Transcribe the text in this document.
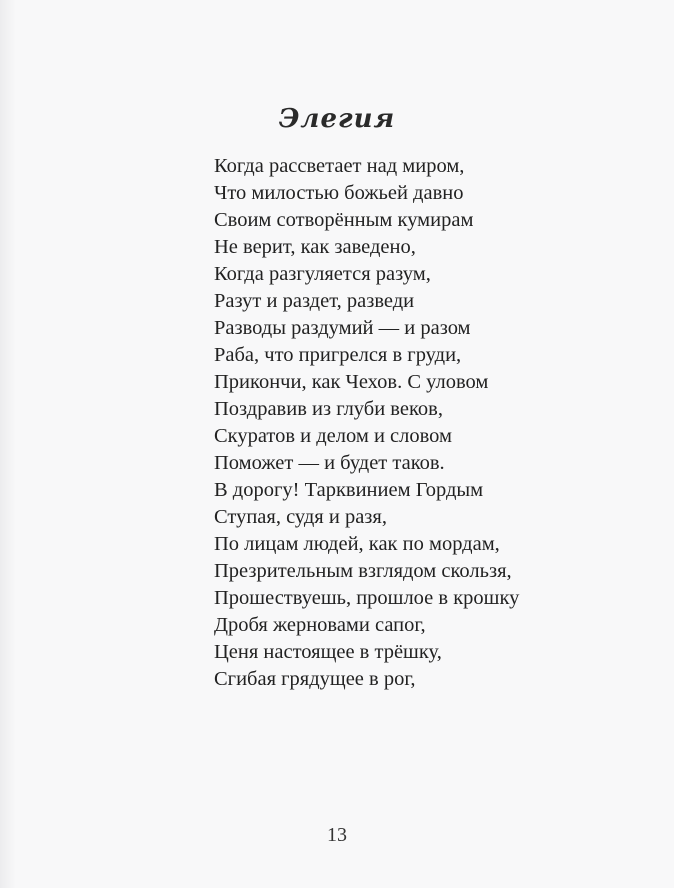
Элегия
Когда рассветает над миром,
Что милостью божьей давно
Своим сотворённым кумирам
Не верит, как заведено,
Когда разгуляется разум,
Разут и раздет, разведи
Разводы раздумий — и разом
Раба, что пригрелся в груди,
Прикончи, как Чехов. С уловом
Поздравив из глуби веков,
Скуратов и делом и словом
Поможет — и будет таков.
В дорогу! Тарквинием Гордым
Ступая, судя и разя,
По лицам людей, как по мордам,
Презрительным взглядом скользя,
Прошествуешь, прошлое в крошку
Дробя жерновами сапог,
Ценя настоящее в трёшку,
Сгибая грядущее в рог,
13
